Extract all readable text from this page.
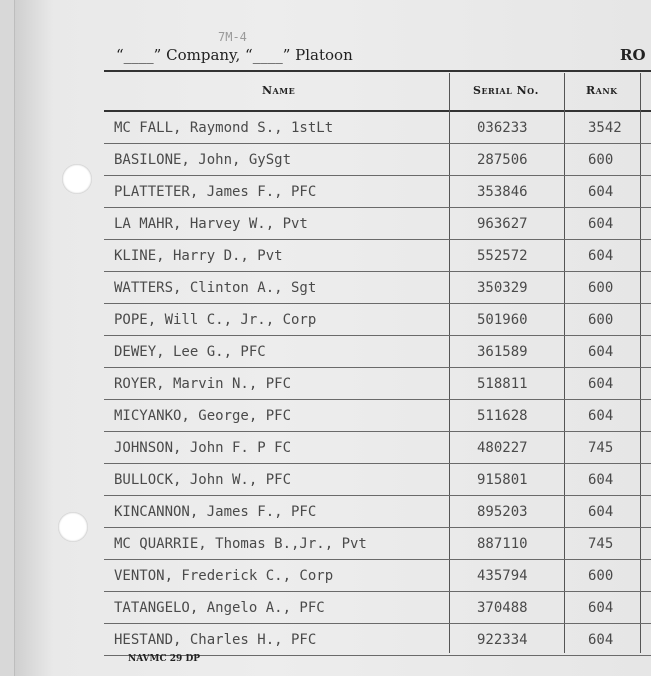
7M-4
“____” Company, “____” Platoon	RO
Name	Serial No.	Rank
MC FALL, Raymond S., 1stLt	036233	3542
BASILONE, John, GySgt	287506	600
PLATTETER, James F., PFC	353846	604
LA MAHR, Harvey W., Pvt	963627	604
KLINE, Harry D., Pvt	552572	604
WATTERS, Clinton A., Sgt	350329	600
POPE, Will C., Jr., Corp	501960	600
DEWEY, Lee G., PFC	361589	604
ROYER, Marvin N., PFC	518811	604
MICYANKO, George, PFC	511628	604
JOHNSON, John F. P FC	480227	745
BULLOCK, John W., PFC	915801	604
KINCANNON, James F., PFC	895203	604
MC QUARRIE, Thomas B.,Jr., Pvt	887110	745
VENTON, Frederick C., Corp	435794	600
TATANGELO, Angelo A., PFC	370488	604
HESTAND, Charles H., PFC	922334	604
NAVMC 29 DP
